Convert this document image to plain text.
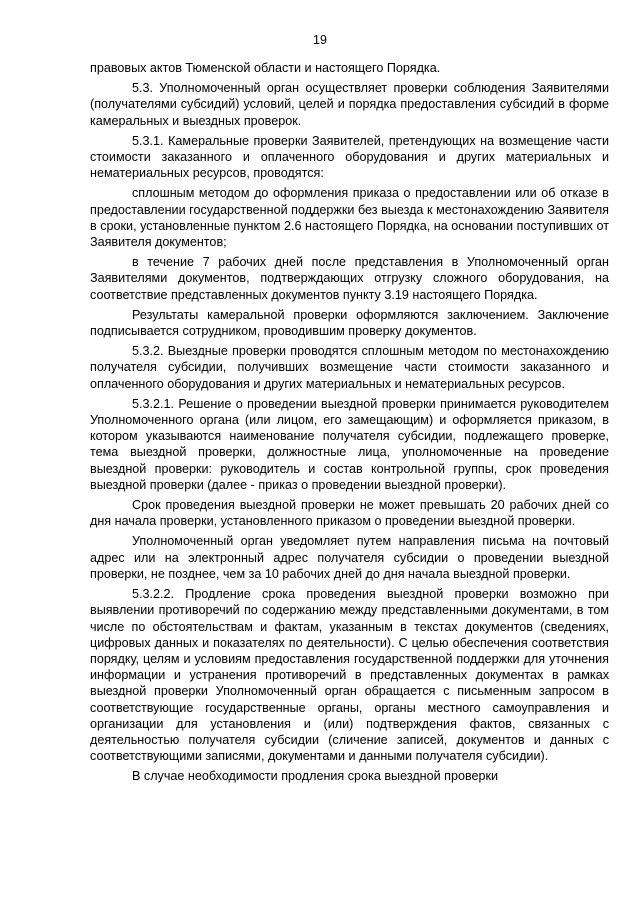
19

правовых актов Тюменской области и настоящего Порядка.

5.3. Уполномоченный орган осуществляет проверки соблюдения Заявителями (получателями субсидий) условий, целей и порядка предоставления субсидий в форме камеральных и выездных проверок.

5.3.1. Камеральные проверки Заявителей, претендующих на возмещение части стоимости заказанного и оплаченного оборудования и других материальных и нематериальных ресурсов, проводятся:

сплошным методом до оформления приказа о предоставлении или об отказе в предоставлении государственной поддержки без выезда к местонахождению Заявителя в сроки, установленные пунктом 2.6 настоящего Порядка, на основании поступивших от Заявителя документов;

в течение 7 рабочих дней после представления в Уполномоченный орган Заявителями документов, подтверждающих отгрузку сложного оборудования, на соответствие представленных документов пункту 3.19 настоящего Порядка.

Результаты камеральной проверки оформляются заключением. Заключение подписывается сотрудником, проводившим проверку документов.

5.3.2. Выездные проверки проводятся сплошным методом по местонахождению получателя субсидии, получивших возмещение части стоимости заказанного и оплаченного оборудования и других материальных и нематериальных ресурсов.

5.3.2.1. Решение о проведении выездной проверки принимается руководителем Уполномоченного органа (или лицом, его замещающим) и оформляется приказом, в котором указываются наименование получателя субсидии, подлежащего проверке, тема выездной проверки, должностные лица, уполномоченные на проведение выездной проверки: руководитель и состав контрольной группы, срок проведения выездной проверки (далее - приказ о проведении выездной проверки).

Срок проведения выездной проверки не может превышать 20 рабочих дней со дня начала проверки, установленного приказом о проведении выездной проверки.

Уполномоченный орган уведомляет путем направления письма на почтовый адрес или на электронный адрес получателя субсидии о проведении выездной проверки, не позднее, чем за 10 рабочих дней до дня начала выездной проверки.

5.3.2.2. Продление срока проведения выездной проверки возможно при выявлении противоречий по содержанию между представленными документами, в том числе по обстоятельствам и фактам, указанным в текстах документов (сведениях, цифровых данных и показателях по деятельности). С целью обеспечения соответствия порядку, целям и условиям предоставления государственной поддержки для уточнения информации и устранения противоречий в представленных документах в рамках выездной проверки Уполномоченный орган обращается с письменным запросом в соответствующие государственные органы, органы местного самоуправления и организации для установления и (или) подтверждения фактов, связанных с деятельностью получателя субсидии (сличение записей, документов и данных с соответствующими записями, документами и данными получателя субсидии).

В случае необходимости продления срока выездной проверки
